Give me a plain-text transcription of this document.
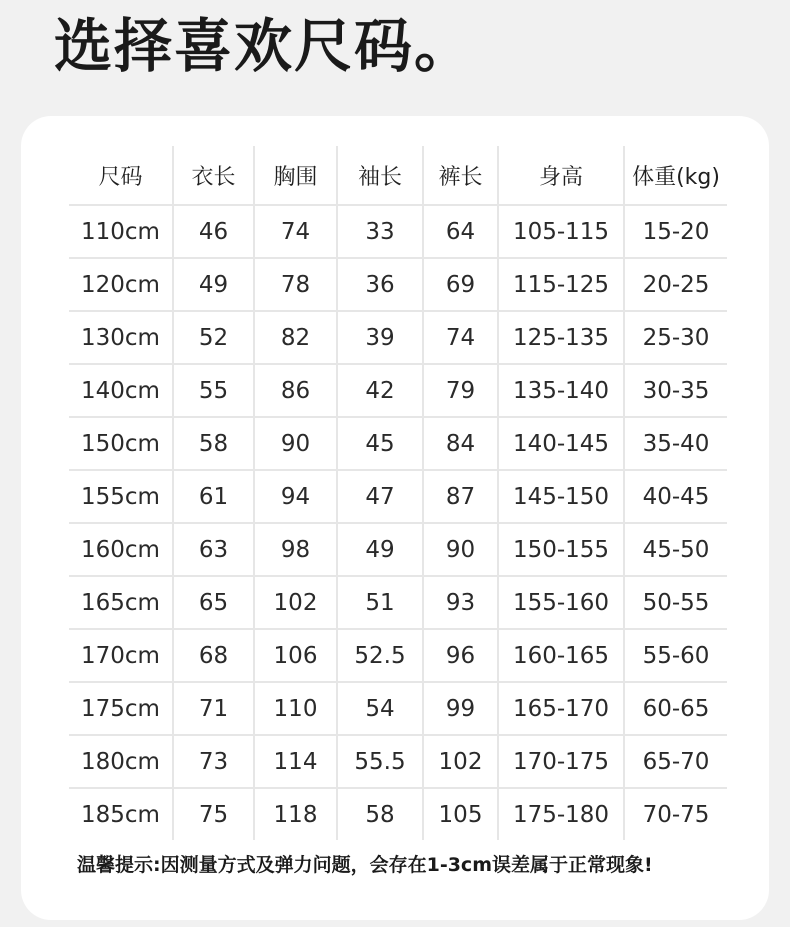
选择喜欢尺码。
尺码	衣长	胸围	袖长	裤长	身高	体重(kg)
110cm	46	74	33	64	105-115	15-20
120cm	49	78	36	69	115-125	20-25
130cm	52	82	39	74	125-135	25-30
140cm	55	86	42	79	135-140	30-35
150cm	58	90	45	84	140-145	35-40
155cm	61	94	47	87	145-150	40-45
160cm	63	98	49	90	150-155	45-50
165cm	65	102	51	93	155-160	50-55
170cm	68	106	52.5	96	160-165	55-60
175cm	71	110	54	99	165-170	60-65
180cm	73	114	55.5	102	170-175	65-70
185cm	75	118	58	105	175-180	70-75
温馨提示:因测量方式及弹力问题，会存在1-3cm误差属于正常现象!
